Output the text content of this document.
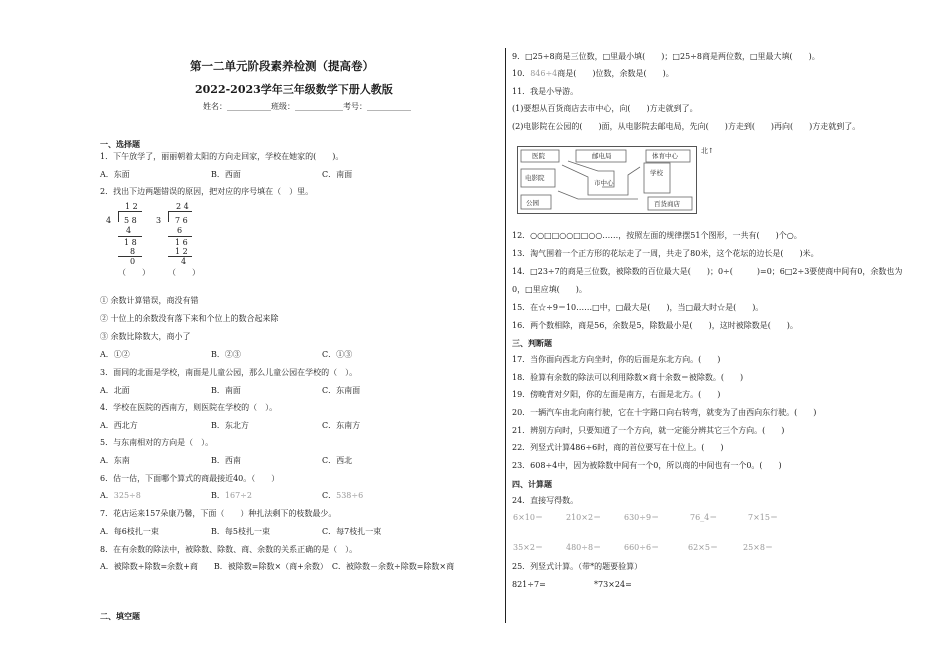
第一二单元阶段素养检测（提高卷）
2022-2023学年三年级数学下册人教版
姓名：___________班级：____________考号：___________
一、选择题
1．下午放学了，丽丽朝着太阳的方向走回家，学校在她家的(　　)。
A．东面	B．西面	C．南面
2．找出下边两题错误的原因，把对应的序号填在（　）里。
1 2
4 5 8
4
1 8
8
0
（　　）
2 4
3 7 6
6
1 6
1 2
4
（　　）
① 余数计算错误，商没有错
② 十位上的余数没有落下来和个位上的数合起来除
③ 余数比除数大，商小了
A．①②	B．②③	C．①③
3．面同的北面是学校，南面是儿童公园，那么儿童公园在学校的（　）。
A．北面	B．南面	C．东南面
4．学校在医院的西南方，则医院在学校的（　）。
A．西北方	B．东北方	C．东南方
5．与东南相对的方向是（　）。
A．东南	B．西南	C．西北
6．估一估，下面哪个算式的商最接近40。（　　）
A．325÷8	B．167÷2	C．538÷6
7．花店运来157朵康乃馨，下面（　　）种扎法剩下的枝数最少。
A．每6枝扎一束	B．每5枝扎一束	C．每7枝扎一束
8．在有余数的除法中，被除数、除数、商、余数的关系正确的是（　）。
A．被除数÷除数=余数+商　　B．被除数=除数×（商+余数）　C．被除数－余数÷除数=除数×商
二、填空题
9．□25÷8商是三位数，□里最小填(　　)；□25÷8商是两位数，□里最大填(　　)。
10．846÷4商是(　　)位数，余数是(　　)。
11．我是小导游。
(1)要想从百货商店去市中心，向(　　)方走就到了。
(2)电影院在公园的(　　)面，从电影院去邮电局，先向(　　)方走到(　　)再向(　　)方走就到了。
医院	邮电局	体育中心
电影院
市中心
学校
公园	百货商店
北↑
12．○○□□○○□□○○……，按照左面的规律摆51个图形，一共有(　　)个○。
13．淘气围着一个正方形的花坛走了一周，共走了80米，这个花坛的边长是(　　)米。
14．□23÷7的商是三位数，被除数的百位最大是(　　)；0÷(　　　)=0；6□2÷3要使商中间有0，余数也为
0，□里应填(　　)。
15．在☆÷9＝10……□中，□最大是(　　)，当□最大时☆是(　　)。
16．两个数相除，商是56，余数是5，除数最小是(　　)，这时被除数是(　　)。
三、判断题
17．当你面向西北方向坐时，你的后面是东北方向。(　　)
18．验算有余数的除法可以利用除数×商十余数＝被除数。(　　)
19．傍晚背对夕阳，你的左面是南方，右面是北方。(　　)
20．一辆汽车由北向南行驶，它在十字路口向右转弯，就变为了由西向东行驶。(　　)
21．辨别方向时，只要知道了一个方向，就一定能分辨其它三个方向。(　　)
22．列竖式计算486÷6时，商的首位要写在十位上。(　　)
23．608÷4中，因为被除数中间有一个0，所以商的中间也有一个0。(　　)
四、计算题
24．直接写得数。
6×10＝	210×2＝	630÷9＝	76_4＝	7×15＝
35×2＝	480÷8＝	660÷6＝	62×5＝	25×8＝
25．列竖式计算。（带*的题要验算）
821÷7=	*73×24=
